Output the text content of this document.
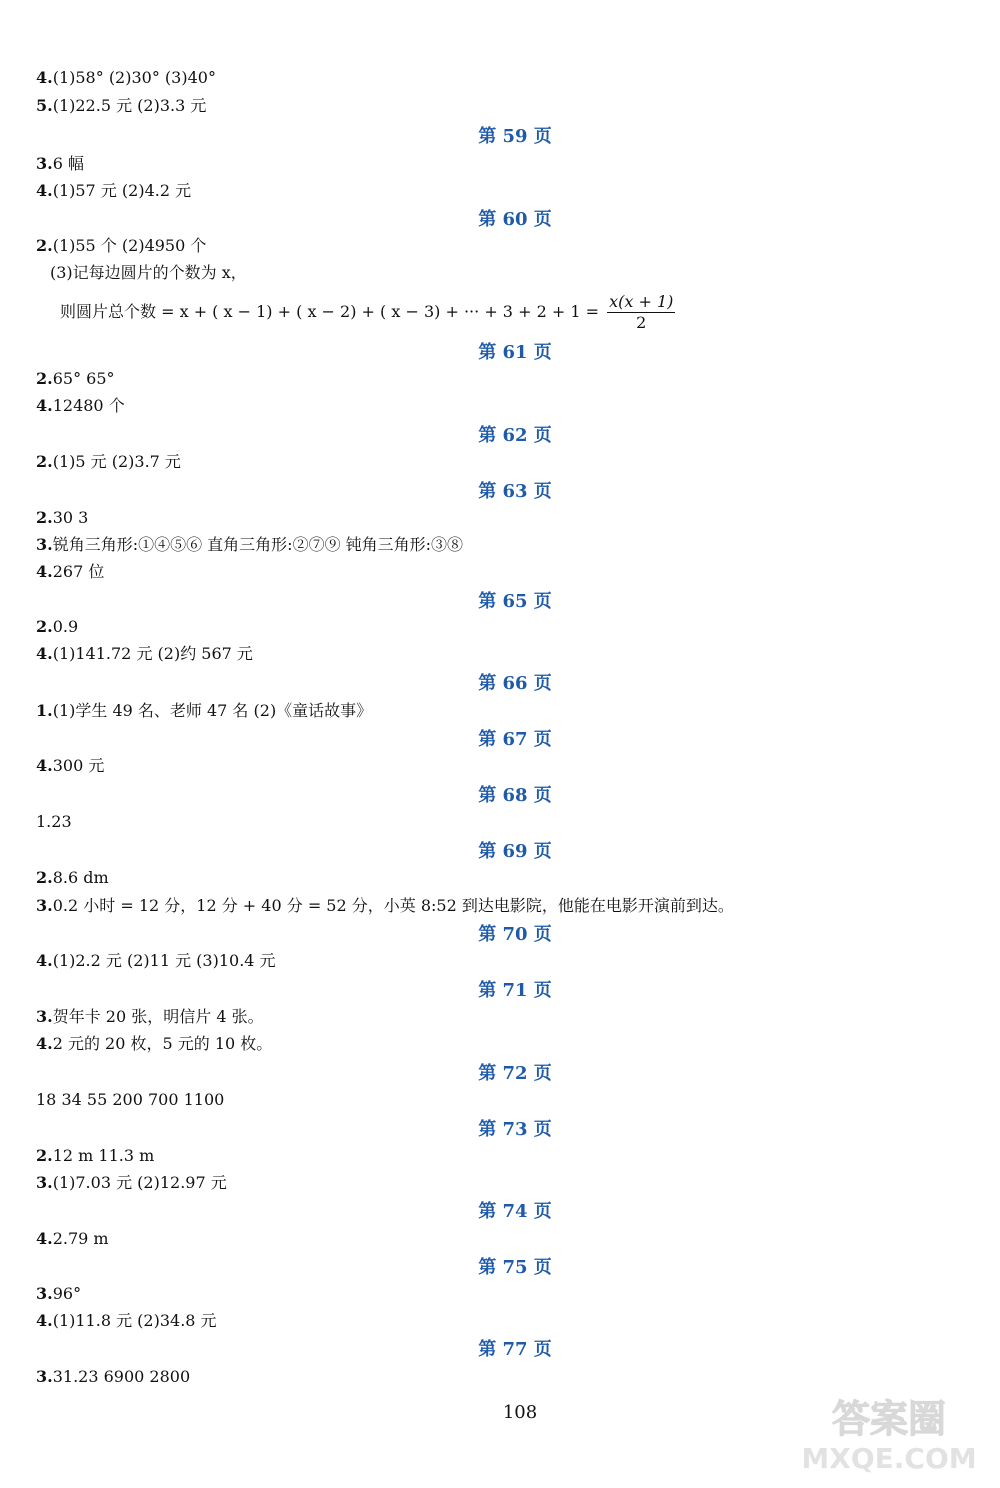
4.(1)58° (2)30° (3)40°
5.(1)22.5 元 (2)3.3 元
第 59 页
3.6 幅
4.(1)57 元 (2)4.2 元
第 60 页
2.(1)55 个 (2)4950 个
(3)记每边圆片的个数为 x，
则圆片总个数 = x + ( x − 1) + ( x − 2) + ( x − 3) + ··· + $3 + 2 + 1 = \frac{x(x + 1)}{2}$
第 61 页
2.65° 65°
4.12480 个
第 62 页
2.(1)5 元 (2)3.7 元
第 63 页
2.30 3
3.锐角三角形:①④⑤⑥ 直角三角形:②⑦⑨ 钝角三角形:③⑧
4.267 位
第 65 页
2.0.9
4.(1)141.72 元 (2)约 567 元
第 66 页
1.(1)学生 49 名、老师 47 名 (2)《童话故事》
第 67 页
4.300 元
第 68 页
1.23
第 69 页
2.8.6 dm
3.0.2 小时 = 12 分，12 分 + 40 分 = 52 分，小英 8:52 到达电影院，他能在电影开演前到达。
第 70 页
4.(1)2.2 元 (2)11 元 (3)10.4 元
第 71 页
3.贺年卡 20 张，明信片 4 张。
4.2 元的 20 枚，5 元的 10 枚。
第 72 页
18 34 55 200 700 1100
第 73 页
2.12 m 11.3 m
3.(1)7.03 元 (2)12.97 元
第 74 页
4.2.79 m
第 75 页
3.96°
4.(1)11.8 元 (2)34.8 元
第 77 页
3.31.23 6900 2800
108	答案圈
MXQE.COM
